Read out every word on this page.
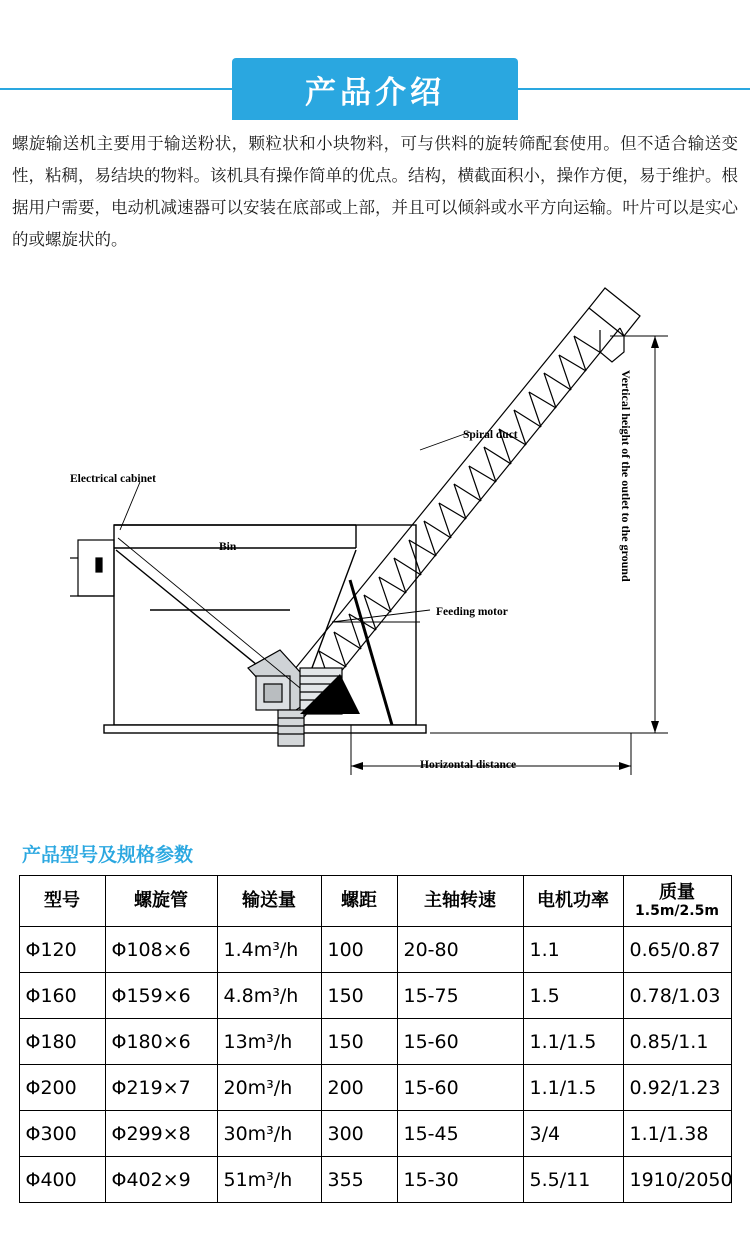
产品介绍

螺旋输送机主要用于输送粉状，颗粒状和小块物料，可与供料的旋转筛配套使用。但不适合输送变性，粘稠，易结块的物料。该机具有操作简单的优点。结构，横截面积小，操作方便，易于维护。根据用户需要，电动机减速器可以安装在底部或上部，并且可以倾斜或水平方向运输。叶片可以是实心的或螺旋状的。

Spiral duct
Electrical cabinet
Bin
Feeding motor
Horizontal distance
Vertical height of the outlet to the ground
产品型号及规格参数
型号	螺旋管	输送量	螺距	主轴转速	电机功率	质量
1.5m/2.5m

Φ120	Φ108×6	1.4m³/h	100	20-80	1.1	0.65/0.87
Φ160	Φ159×6	4.8m³/h	150	15-75	1.5	0.78/1.03
Φ180	Φ180×6	13m³/h	150	15-60	1.1/1.5	0.85/1.1
Φ200	Φ219×7	20m³/h	200	15-60	1.1/1.5	0.92/1.23
Φ300	Φ299×8	30m³/h	300	15-45	3/4	1.1/1.38
Φ400	Φ402×9	51m³/h	355	15-30	5.5/11	1910/2050
